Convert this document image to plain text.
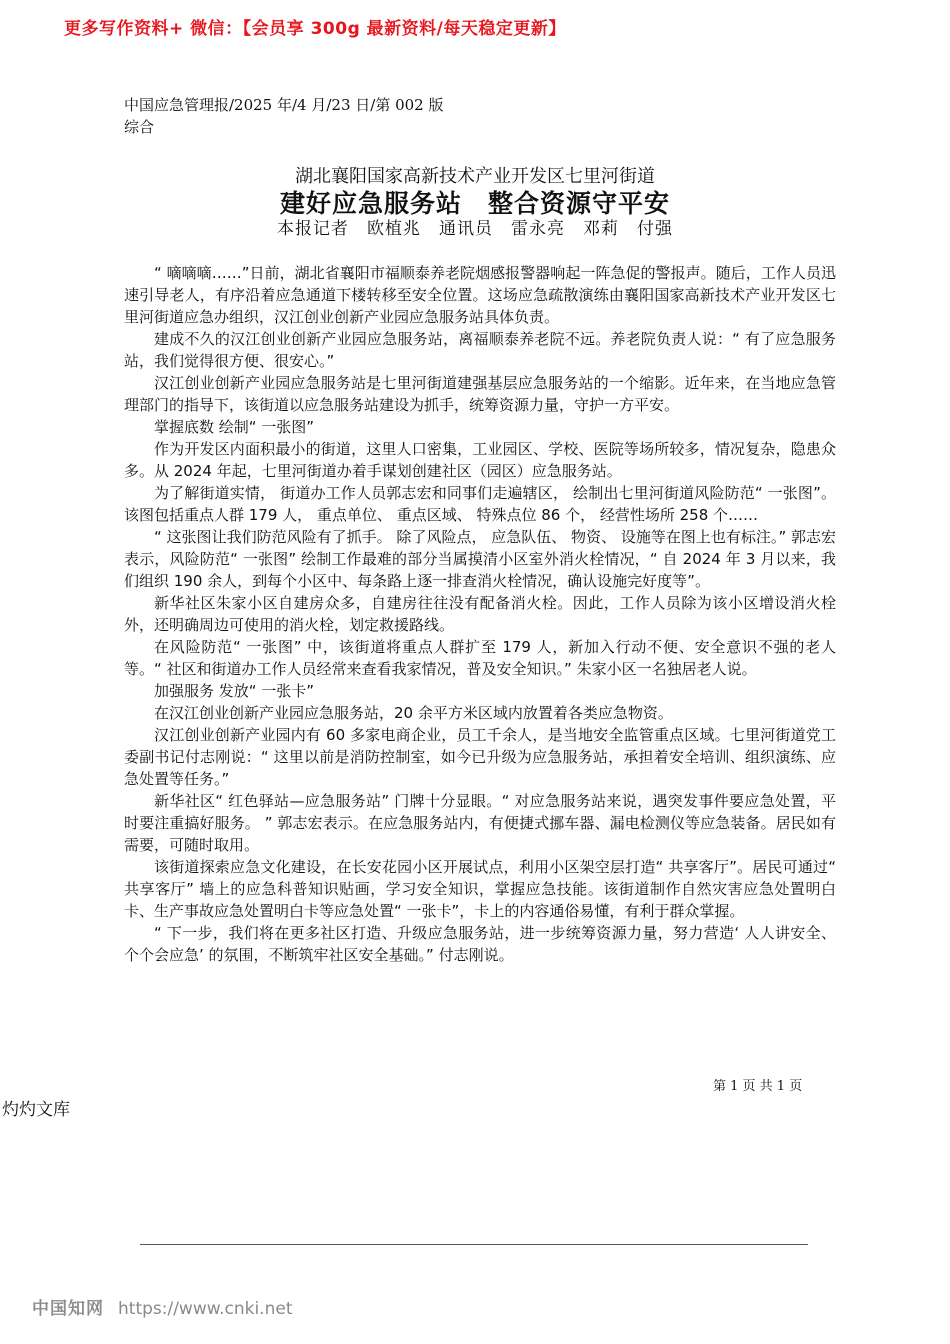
更多写作资料+ 微信：【会员享 300g 最新资料/每天稳定更新】
中国应急管理报/2025 年/4 月/23 日/第 002 版综合
湖北襄阳国家高新技术产业开发区七里河街道
建好应急服务站　整合资源守平安
本报记者　欧植兆　通讯员　雷永亮　邓莉　付强

“ 嘀嘀嘀……”日前，湖北省襄阳市福顺泰养老院烟感报警器响起一阵急促的警报声。随后，工作人员迅速引导老人，有序沿着应急通道下楼转移至安全位置。这场应急疏散演练由襄阳国家高新技术产业开发区七里河街道应急办组织，汉江创业创新产业园应急服务站具体负责。

建成不久的汉江创业创新产业园应急服务站，离福顺泰养老院不远。养老院负责人说：“ 有了应急服务站，我们觉得很方便、很安心。”

汉江创业创新产业园应急服务站是七里河街道建强基层应急服务站的一个缩影。近年来，在当地应急管理部门的指导下，该街道以应急服务站建设为抓手，统筹资源力量，守护一方平安。

掌握底数 绘制“ 一张图”

作为开发区内面积最小的街道，这里人口密集，工业园区、学校、医院等场所较多，情况复杂，隐患众多。从 2024 年起，七里河街道办着手谋划创建社区（园区）应急服务站。

为了解街道实情， 街道办工作人员郭志宏和同事们走遍辖区， 绘制出七里河街道风险防范“ 一张图”。 该图包括重点人群 179 人， 重点单位、 重点区域、 特殊点位 86 个， 经营性场所 258 个……

“ 这张图让我们防范风险有了抓手。 除了风险点， 应急队伍、 物资、 设施等在图上也有标注。” 郭志宏表示，风险防范“ 一张图” 绘制工作最难的部分当属摸清小区室外消火栓情况，“ 自 2024 年 3 月以来，我们组织 190 余人，到每个小区中、每条路上逐一排查消火栓情况，确认设施完好度等”。

新华社区朱家小区自建房众多，自建房往往没有配备消火栓。因此，工作人员除为该小区增设消火栓外，还明确周边可使用的消火栓，划定救援路线。

在风险防范“ 一张图” 中，该街道将重点人群扩至 179 人，新加入行动不便、安全意识不强的老人等。“ 社区和街道办工作人员经常来查看我家情况，普及安全知识。” 朱家小区一名独居老人说。

加强服务 发放“ 一张卡”

在汉江创业创新产业园应急服务站，20 余平方米区域内放置着各类应急物资。

汉江创业创新产业园内有 60 多家电商企业，员工千余人，是当地安全监管重点区域。七里河街道党工委副书记付志刚说：“ 这里以前是消防控制室，如今已升级为应急服务站，承担着安全培训、组织演练、应急处置等任务。”

新华社区“ 红色驿站—应急服务站” 门牌十分显眼。“ 对应急服务站来说，遇突发事件要应急处置，平时要注重搞好服务。 ” 郭志宏表示。在应急服务站内，有便捷式挪车器、漏电检测仪等应急装备。居民如有需要，可随时取用。

该街道探索应急文化建设，在长安花园小区开展试点，利用小区架空层打造“ 共享客厅”。居民可通过“ 共享客厅” 墙上的应急科普知识贴画，学习安全知识，掌握应急技能。该街道制作自然灾害应急处置明白卡、生产事故应急处置明白卡等应急处置“ 一张卡”，卡上的内容通俗易懂，有利于群众掌握。

“ 下一步，我们将在更多社区打造、升级应急服务站，进一步统筹资源力量，努力营造‘ 人人讲安全、个个会应急’ 的氛围，不断筑牢社区安全基础。” 付志刚说。

第 1 页 共 1 页
灼灼文库
中国知网 https://www.cnki.net
